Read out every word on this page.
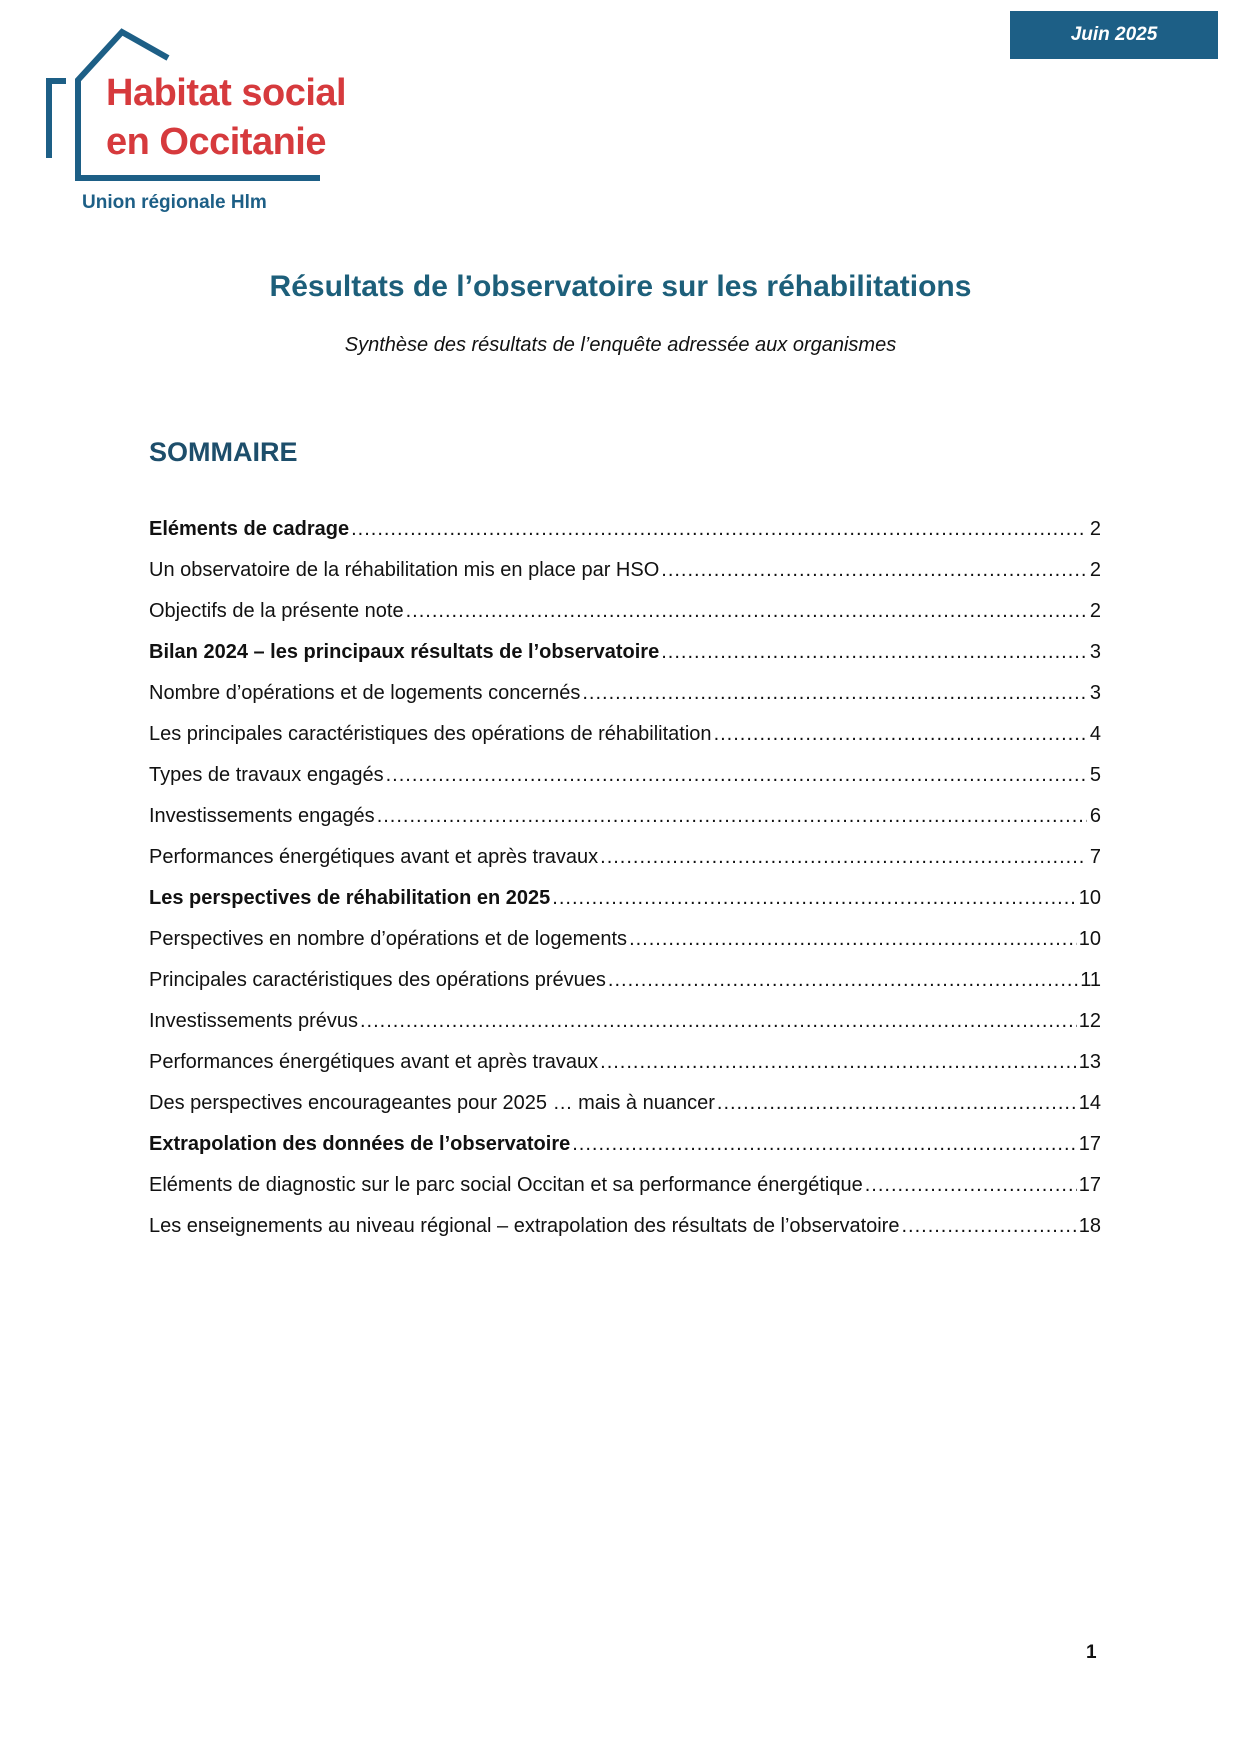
Juin 2025
Habitat social
en Occitanie
Union régionale Hlm
Résultats de l’observatoire sur les réhabilitations
Synthèse des résultats de l’enquête adressée aux organismes
SOMMAIRE
Eléments de cadrage .....	2
Un observatoire de la réhabilitation mis en place par HSO .....	2
Objectifs de la présente note .....	2
Bilan 2024 – les principaux résultats de l’observatoire .....	3
Nombre d’opérations et de logements concernés .....	3
Les principales caractéristiques des opérations de réhabilitation .....	4
Types de travaux engagés .....	5
Investissements engagés .....	6
Performances énergétiques avant et après travaux .....	7
Les perspectives de réhabilitation en 2025 .....	10
Perspectives en nombre d’opérations et de logements .....	10
Principales caractéristiques des opérations prévues .....	11
Investissements prévus .....	12
Performances énergétiques avant et après travaux .....	13
Des perspectives encourageantes pour 2025 … mais à nuancer .....	14
Extrapolation des données de l’observatoire .....	17
Eléments de diagnostic sur le parc social Occitan et sa performance énergétique .....	17
Les enseignements au niveau régional – extrapolation des résultats de l’observatoire .....	18
1
